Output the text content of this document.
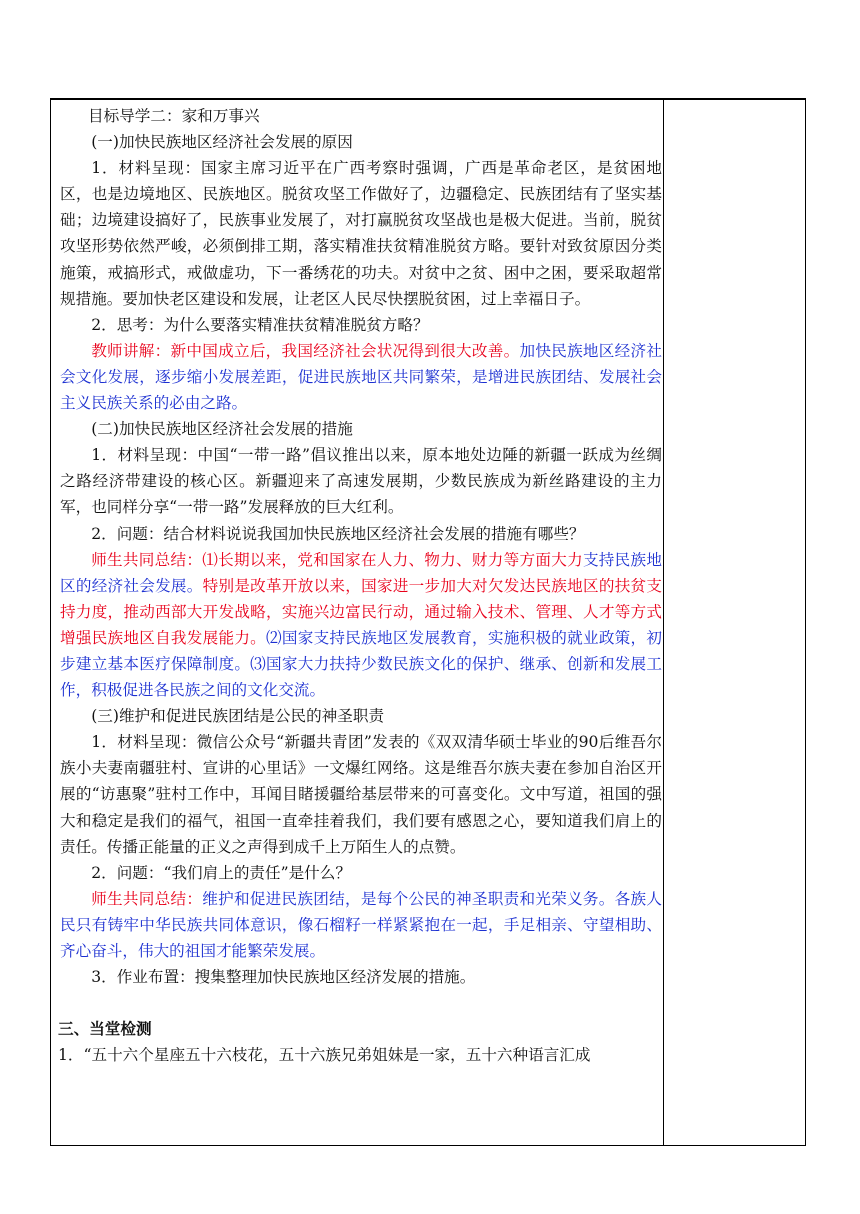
目标导学二：家和万事兴

(一)加快民族地区经济社会发展的原因

1．材料呈现：国家主席习近平在广西考察时强调，广西是革命老区，是贫困地区，也是边境地区、民族地区。脱贫攻坚工作做好了，边疆稳定、民族团结有了坚实基础；边境建设搞好了，民族事业发展了，对打赢脱贫攻坚战也是极大促进。当前，脱贫攻坚形势依然严峻，必须倒排工期，落实精准扶贫精准脱贫方略。要针对致贫原因分类施策，戒搞形式，戒做虚功，下一番绣花的功夫。对贫中之贫、困中之困，要采取超常规措施。要加快老区建设和发展，让老区人民尽快摆脱贫困，过上幸福日子。

2．思考：为什么要落实精准扶贫精准脱贫方略？

教师讲解：新中国成立后，我国经济社会状况得到很大改善。加快民族地区经济社会文化发展，逐步缩小发展差距，促进民族地区共同繁荣，是增进民族团结、发展社会主义民族关系的必由之路。

(二)加快民族地区经济社会发展的措施

1．材料呈现：中国“一带一路”倡议推出以来，原本地处边陲的新疆一跃成为丝绸之路经济带建设的核心区。新疆迎来了高速发展期，少数民族成为新丝路建设的主力军，也同样分享“一带一路”发展释放的巨大红利。

2．问题：结合材料说说我国加快民族地区经济社会发展的措施有哪些？

师生共同总结：⑴长期以来，党和国家在人力、物力、财力等方面大力支持民族地区的经济社会发展。特别是改革开放以来，国家进一步加大对欠发达民族地区的扶贫支持力度，推动西部大开发战略，实施兴边富民行动，通过输入技术、管理、人才等方式增强民族地区自我发展能力。⑵国家支持民族地区发展教育，实施积极的就业政策，初步建立基本医疗保障制度。⑶国家大力扶持少数民族文化的保护、继承、创新和发展工作，积极促进各民族之间的文化交流。

(三)维护和促进民族团结是公民的神圣职责

1．材料呈现：微信公众号“新疆共青团”发表的《双双清华硕士毕业的90后维吾尔族小夫妻南疆驻村、宣讲的心里话》一文爆红网络。这是维吾尔族夫妻在参加自治区开展的“访惠聚”驻村工作中，耳闻目睹援疆给基层带来的可喜变化。文中写道，祖国的强大和稳定是我们的福气，祖国一直牵挂着我们，我们要有感恩之心，要知道我们肩上的责任。传播正能量的正义之声得到成千上万陌生人的点赞。

2．问题：“我们肩上的责任”是什么？

师生共同总结：维护和促进民族团结，是每个公民的神圣职责和光荣义务。各族人民只有铸牢中华民族共同体意识，像石榴籽一样紧紧抱在一起，手足相亲、守望相助、齐心奋斗，伟大的祖国才能繁荣发展。

3．作业布置：搜集整理加快民族地区经济发展的措施。

三、当堂检测

1．“五十六个星座五十六枝花，五十六族兄弟姐妹是一家，五十六种语言汇成
